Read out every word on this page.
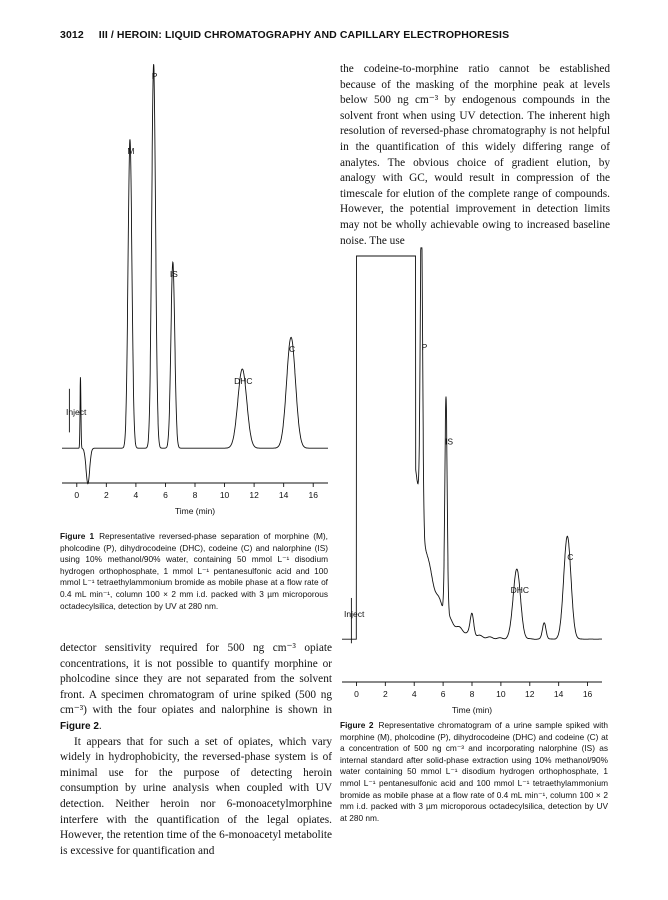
3012 III / HEROIN: LIQUID CHROMATOGRAPHY AND CAPILLARY ELECTROPHORESIS
0	2	4	6	8	10 12 14 16
Time (min)
M
P
IS
DHC
C
Inject
Figure 1 Representative reversed-phase separation of morphine (M), pholcodine (P), dihydrocodeine (DHC), codeine (C) and nalorphine (IS) using 10% methanol/90% water, containing 50 mmol L⁻¹ disodium hydrogen orthophosphate, 1 mmol L⁻¹ pentanesulfonic acid and 100 mmol L⁻¹ tetraethylammonium bromide as mobile phase at a flow rate of 0.4 mL min⁻¹, column 100 × 2 mm i.d. packed with 3 µm microporous octadecylsilica, detection by UV at 280 nm.

detector sensitivity required for 500 ng cm⁻³ opiate concentrations, it is not possible to quantify morphine or pholcodine since they are not separated from the solvent front. A specimen chromatogram of urine spiked (500 ng cm⁻³) with the four opiates and nalorphine is shown in Figure 2.

It appears that for such a set of opiates, which vary widely in hydrophobicity, the reversed-phase system is of minimal use for the purpose of detecting heroin consumption by urine analysis when coupled with UV detection. Neither heroin nor 6-monoacetylmorphine interfere with the quantification of the legal opiates. However, the retention time of the 6-monoacetyl metabolite is excessive for quantification and

the codeine-to-morphine ratio cannot be established because of the masking of the morphine peak at levels below 500 ng cm⁻³ by endogenous compounds in the solvent front when using UV detection. The inherent high resolution of reversed-phase chromatography is not helpful in the quantification of this widely differing range of analytes. The obvious choice of gradient elution, by analogy with GC, would result in compression of the timescale for elution of the complete range of compounds. However, the potential improvement in detection limits may not be wholly achievable owing to increased baseline noise. The use

0	2	4	6	8	10 12 14 16
Time (min)
P
IS
DHC
C
Inject
Figure 2 Representative chromatogram of a urine sample spiked with morphine (M), pholcodine (P), dihydrocodeine (DHC) and codeine (C) at a concentration of 500 ng cm⁻³ and incorporating nalorphine (IS) as internal standard after solid-phase extraction using 10% methanol/90% water containing 50 mmol L⁻¹ disodium hydrogen orthophosphate, 1 mmol L⁻¹ pentanesulfonic acid and 100 mmol L⁻¹ tetraethylammonium bromide as mobile phase at a flow rate of 0.4 mL min⁻¹, column 100 × 2 mm i.d. packed with 3 µm microporous octadecylsilica, detection by UV at 280 nm.
